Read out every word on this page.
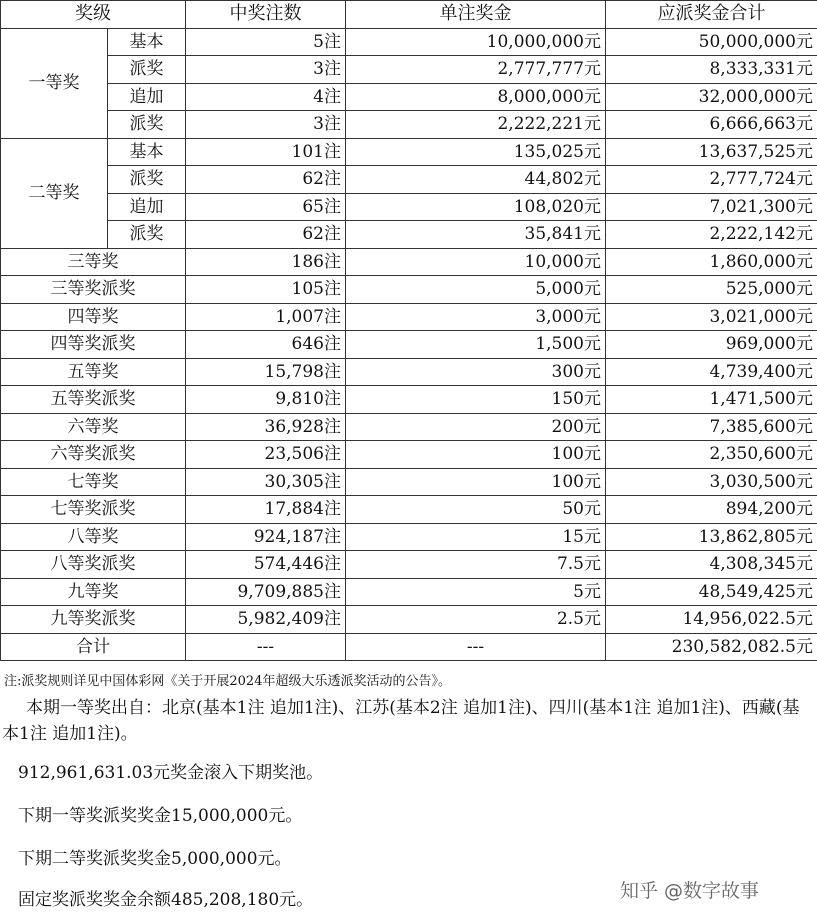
奖级		中奖注数	单注奖金	应派奖金合计
一等奖	基本	5注	10,000,000元	50,000,000元
	派奖	3注	2,777,777元	8,333,331元
	追加	4注	8,000,000元	32,000,000元
	派奖	3注	2,222,221元	6,666,663元
二等奖	基本	101注	135,025元	13,637,525元
	派奖	62注	44,802元	2,777,724元
	追加	65注	108,020元	7,021,300元
	派奖	62注	35,841元	2,222,142元
三等奖		186注	10,000元	1,860,000元
三等奖派奖		105注	5,000元	525,000元
四等奖		1,007注	3,000元	3,021,000元
四等奖派奖		646注	1,500元	969,000元
五等奖		15,798注	300元	4,739,400元
五等奖派奖		9,810注	150元	1,471,500元
六等奖		36,928注	200元	7,385,600元
六等奖派奖		23,506注	100元	2,350,600元
七等奖		30,305注	100元	3,030,500元
七等奖派奖		17,884注	50元	894,200元
八等奖		924,187注	15元	13,862,805元
八等奖派奖		574,446注	7.5元	4,308,345元
九等奖		9,709,885注	5元	48,549,425元
九等奖派奖		5,982,409注	2.5元	14,956,022.5元
合计		---	---	230,582,082.5元
注:派奖规则详见中国体彩网《关于开展2024年超级大乐透派奖活动的公告》。
本期一等奖出自：北京(基本1注 追加1注)、江苏(基本2注 追加1注)、四川(基本1注 追加1注)、西藏(基本1注 追加1注)。
912,961,631.03元奖金滚入下期奖池。
下期一等奖派奖奖金15,000,000元。
下期二等奖派奖奖金5,000,000元。
固定奖派奖奖金余额485,208,180元。	知乎 @数字故事
